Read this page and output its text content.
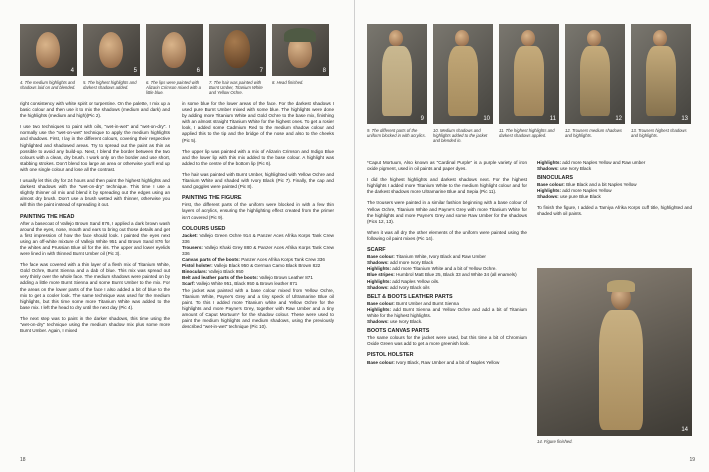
4	5	6	7	8
4. The medium highlights and shadows laid on and blended.
5. The highest highlights and darkest shadows added.
6. The lips were painted with Alizarin Crimson mixed with a little blue.
7. The hair was painted with Burnt Umber, Titanium White and Yellow Ochre.
8. Head finished.

right consistency with white spirit or turpentine. On the palette, I mix up a basic colour and then use it to mix the shadows (medium and dark) and the highlights (medium and high)(Pic 2).

I use two techniques to paint with oils, "wet-in-wet" and "wet-on-dry". I normally use the "wet-on-wet" technique to apply the medium highlights and shadows. First, I lay in the different colours, covering their respective highlighted and shadowed areas. Try to spread out the paint as thin as possible to avoid any build-up. Next, I blend the border between the two colours with a clean, dry brush. I work only on the border and use short, stabbing strokes. Don't blend too large an area or otherwise you'll end up with one single colour and lose all the contrast.

I usually let this dry for 24 hours and then paint the highest highlights and darkest shadows with the "wet-on-dry" technique. This time I use a slightly thinner oil mix and blend it by spreading out the edges using an almost dry brush. Don't use a brush wetted with thinner, otherwise you will thin the paint instead of spreading it out.

PAINTING THE HEAD

After a basecoat of Vallejo Brown Sand 876, I applied a dark brown wash around the eyes, nose, mouth and ears to bring out those details and get a first impression of how the face should look. I painted the eyes next using an off-white mixture of Vallejo White 951 and Brown Sand 876 for the whites and Prussian Blue oil for the iris. The upper and lower eyelids were lined in with thinned Burnt Umber oil (Pic 3).

The face was covered with a thin layer of a flesh mix of Titanium White, Gold Ochre, Burnt Sienna and a dab of blue. This mix was spread out very thinly over the whole face. The medium shadows were painted on by adding a little more Burnt Sienna and some Burnt Umber to the mix. For the areas on the lower parts of the face I also added a bit of blue to the mix to get a cooler look. The same technique was used for the medium highlights, but this time some more Titanium White was added to the base mix. I left the head to dry until the next day (Pic 4).

The next step was to paint in the darker shadows, this time using the "wet-on-dry" technique using the medium shadow mix plus some more Burnt Umber. Again, I mixed

in some blue for the lower areas of the face. For the darkest shadows I used pure Burnt Umber mixed with some blue. The highlights were done by adding more Titanium White and Gold Ochre to the base mix, finishing with an almost straight Titanium White for the highest ones. To get a rosier look, I added some Cadmium Red to the medium shadow colour and applied this to the tip and the bridge of the nose and also to the cheeks (Pic 5).

The upper lip was painted with a mix of Alizarin Crimson and Indigo Blue and the lower lip with this mix added to the base colour. A highlight was added to the centre of the bottom lip (Pic 6).

The hair was painted with Burnt Umber, highlighted with Yellow Ochre and Titanium White and shaded with Ivory Black (Pic 7). Finally, the cap and sand goggles were painted (Pic 8).

PAINTING THE FIGURE

First, the different parts of the uniform were blocked in with a few thin layers of acrylics, ensuring the highlighting effect created from the primer isn't covered (Pic 9).

COLOURS USED

Jacket: Vallejo Green Ochre 914 & Panzer Aces Afrika Korps Tank Crew 336

Trousers: Vallejo Khaki Grey 880 & Panzer Aces Afrika Korps Tank Crew 336

Canvas parts of the boots: Panzer Aces Afrika Korps Tank Crew 336

Pistol holster: Vallejo Black 950 & German Camo Black Brown 822

Binoculars: Vallejo Black 950

Belt and leather parts of the boots: Vallejo Brown Leather 871

Scarf: Vallejo White 951, Black 950 & Brown leather 871

The jacket was painted with a base colour mixed from Yellow Ochre, Titanium White, Payne's Grey and a tiny speck of Ultramarine Blue oil paint. To this I added more Titanium white and Yellow Ochre for the highlights and more Payne's Grey, together with Raw Umber and a tiny amount of Caput Mortuum* for the shadow colour. These were used to paint the medium highlights and medium shadows, using the previously described "wet-in-wet" technique (Pic 10).

18
9	10	11	12	13
9. The different parts of the uniform blocked in with acrylics.
10. Medium shadows and highlights added to the jacket and blended in.
11. The highest highlights and darkest shadows applied.
12. Trousers medium shadows and highlights.
13. Trousers highest shadows and highlights.

*Caput Mortuum, Also known as "Cardinal Purple" is a purple variety of iron oxide pigment, used in oil paints and paper dyes.

I did the highest highlights and darkest shadows next. For the highest highlights I added more Titanium White to the medium highlight colour and for the darkest shadows more Ultramarine Blue and Sepia (Pic 11).

The trousers were painted in a similar fashion beginning with a base colour of Yellow Ochre, Titanium White and Payne's Grey with more Titanium White for the highlights and more Payne's Grey and some Raw Umber for the shadows (Pics 12, 13).

When it was all dry the other elements of the uniform were painted using the following oil paint mixes (Pic 14).

SCARF

Base colour: Titanium White, Ivory Black and Raw Umber

Shadows: add more Ivory Black

Highlights: add more Titanium White and a bit of Yellow Ochre.

Blue stripes: Humbrol Matt Blue 25, Black 33 and White 34 (all enamels)

Highlights: add Naples Yellow oils.

Shadows: add Ivory Black oils

BELT & BOOTS LEATHER PARTS

Base colour: Burnt Umber and Burnt Sienna

Highlights: add Burnt Sienna and Yellow Ochre and add a bit of Titanium White for the highest highlights.

Shadows: use Ivory Black.

BOOTS CANVAS PARTS

The same colours for the jacket were used, but this time a bit of Chromium Oxide Green was add to get a more greenish look.

PISTOL HOLSTER

Base colour: Ivory Black, Raw Umber and a bit of Naples Yellow

Highlights: add more Naples Yellow and Raw umber

Shadows: use Ivory Black

BINOCULARS

Base colour: Blue Black and a bit Naples Yellow

Highlights: add more Naples Yellow

Shadows: use pure Blue Black

To finish the figure, I added a Tamiya Afrika Korps cuff title, highlighted and shaded with oil paints.

14
14. Figure finished.
19
